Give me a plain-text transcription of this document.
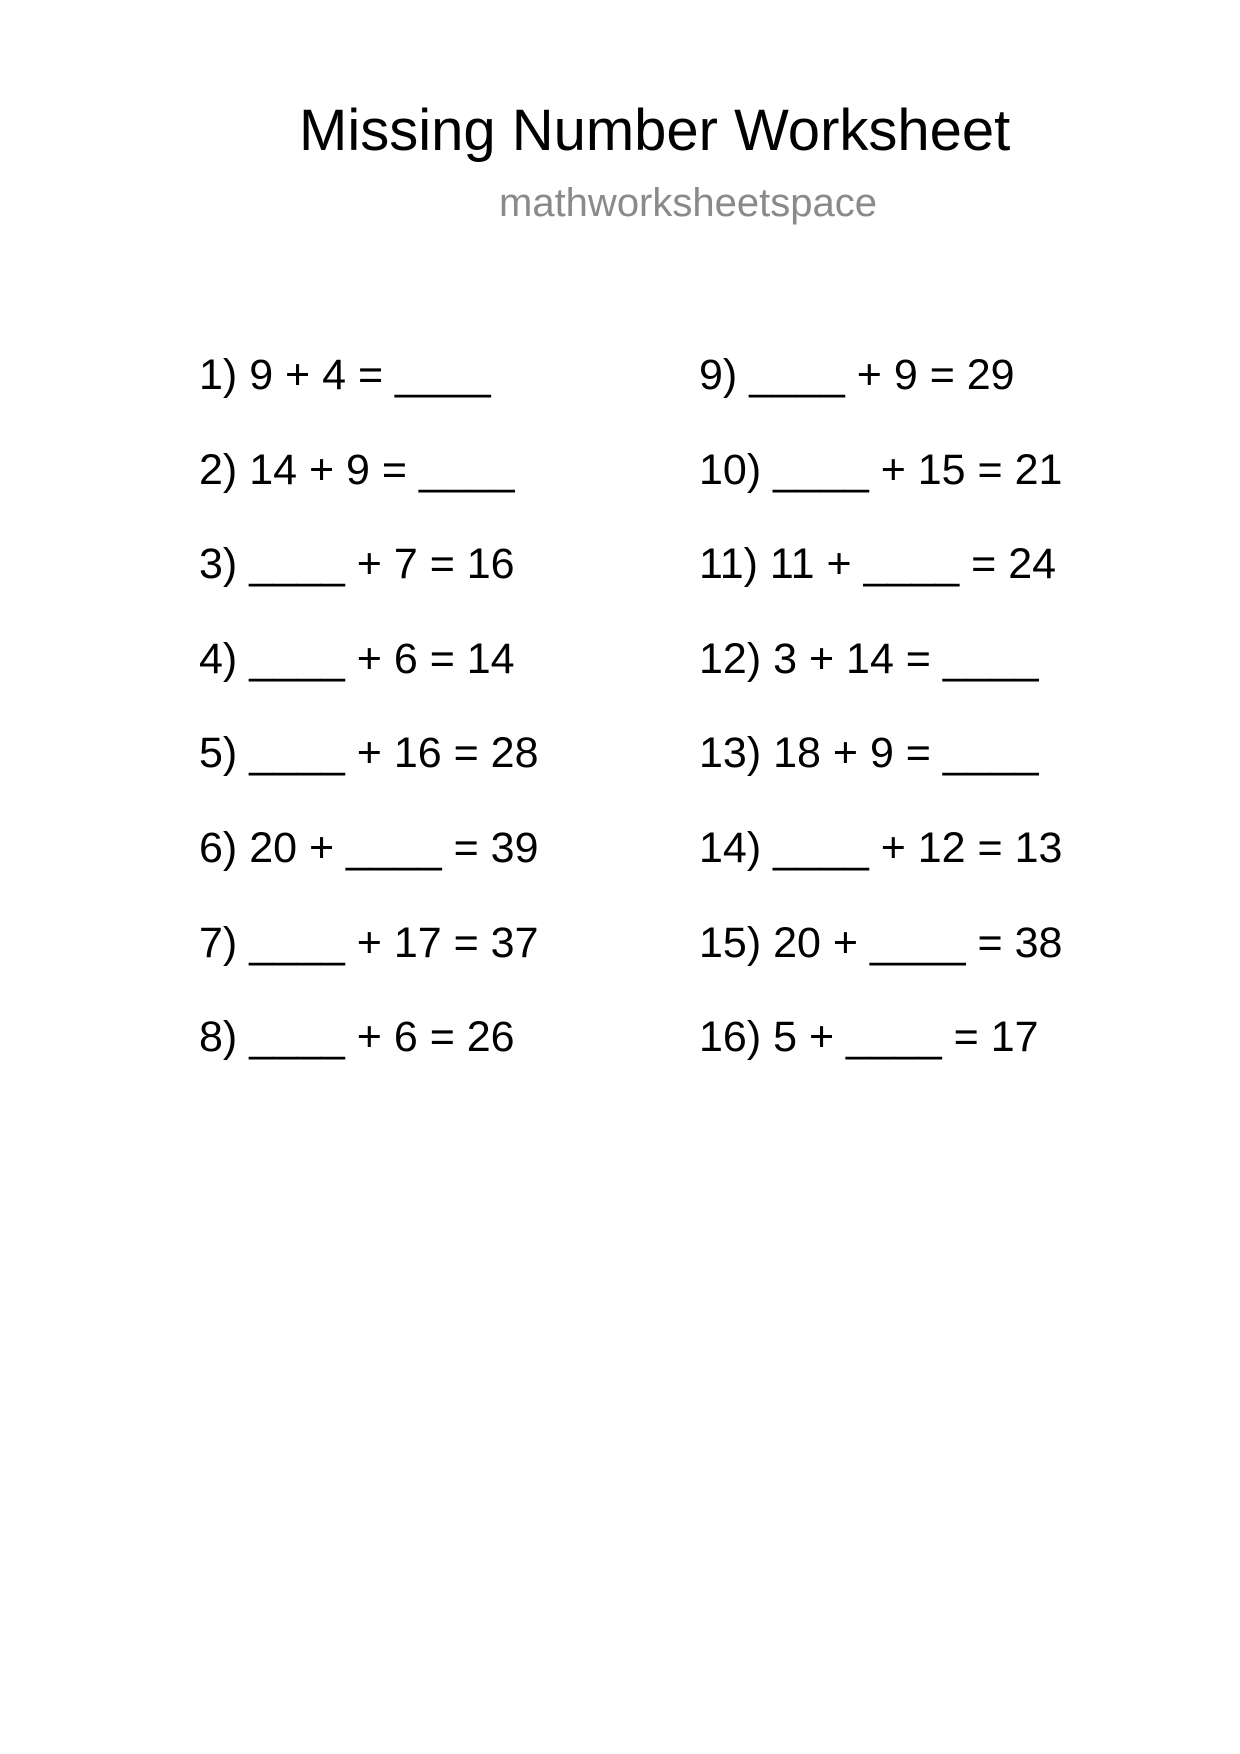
Missing Number Worksheet
mathworksheetspace
1) 9 + 4 = ____
2) 14 + 9 = ____
3) ____ + 7 = 16
4) ____ + 6 = 14
5) ____ + 16 = 28
6) 20 + ____ = 39
7) ____ + 17 = 37
8) ____ + 6 = 26
9) ____ + 9 = 29
10) ____ + 15 = 21
11) 11 + ____ = 24
12) 3 + 14 = ____
13) 18 + 9 = ____
14) ____ + 12 = 13
15) 20 + ____ = 38
16) 5 + ____ = 17
